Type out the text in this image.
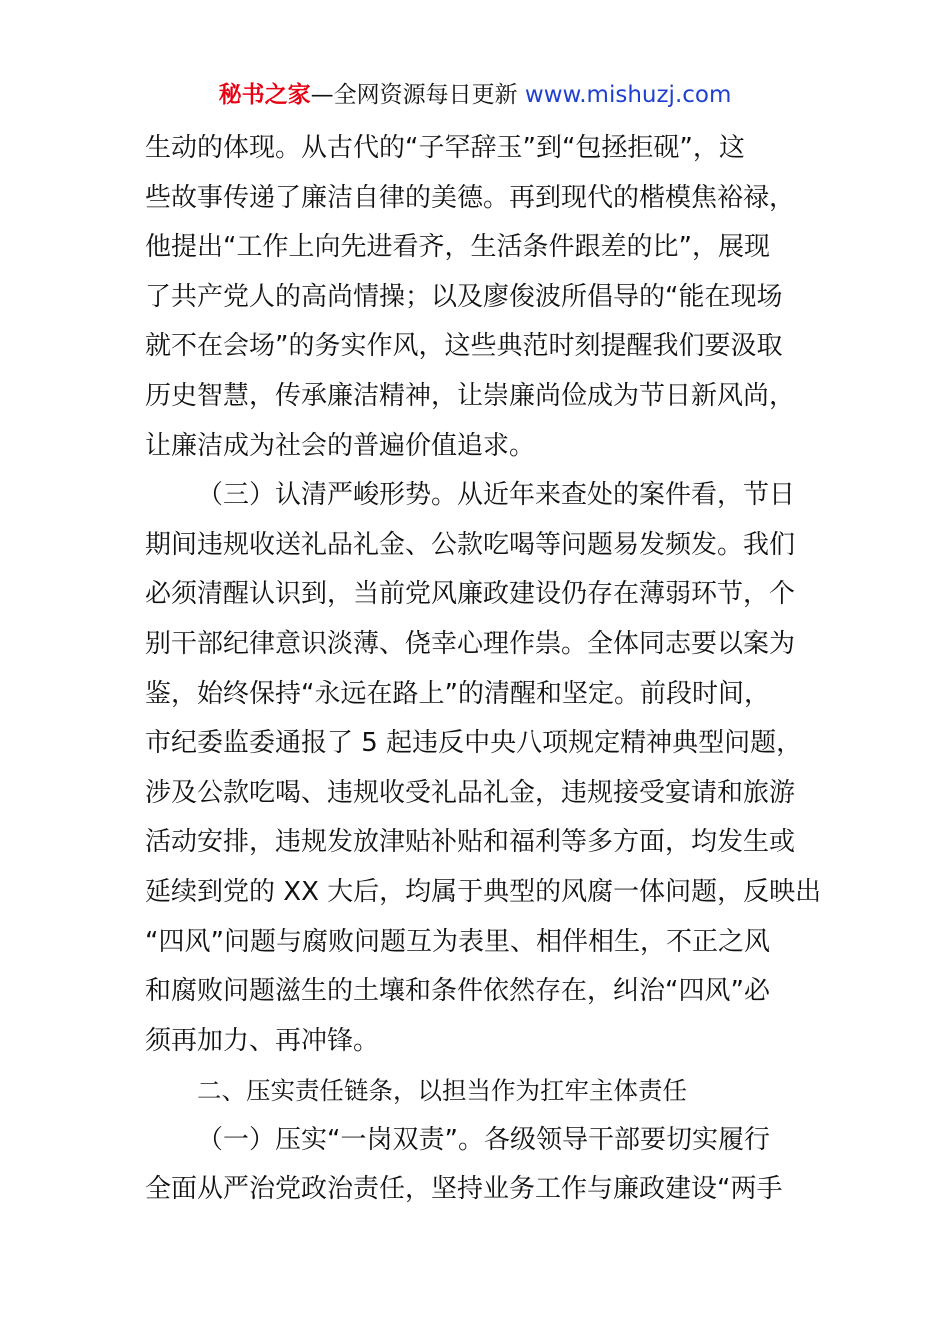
秘书之家—全网资源每日更新 www.mishuzj.com
生动的体现。从古代的“子罕辞玉”到“包拯拒砚”，这
些故事传递了廉洁自律的美德。再到现代的楷模焦裕禄，
他提出“工作上向先进看齐，生活条件跟差的比”，展现
了共产党人的高尚情操；以及廖俊波所倡导的“能在现场
就不在会场”的务实作风，这些典范时刻提醒我们要汲取
历史智慧，传承廉洁精神，让崇廉尚俭成为节日新风尚，
让廉洁成为社会的普遍价值追求。
（三）认清严峻形势。从近年来查处的案件看，节日
期间违规收送礼品礼金、公款吃喝等问题易发频发。我们
必须清醒认识到，当前党风廉政建设仍存在薄弱环节，个
别干部纪律意识淡薄、侥幸心理作祟。全体同志要以案为
鉴，始终保持“永远在路上”的清醒和坚定。前段时间，
市纪委监委通报了 5 起违反中央八项规定精神典型问题，
涉及公款吃喝、违规收受礼品礼金，违规接受宴请和旅游
活动安排，违规发放津贴补贴和福利等多方面，均发生或
延续到党的 XX 大后，均属于典型的风腐一体问题，反映出
“四风”问题与腐败问题互为表里、相伴相生，不正之风
和腐败问题滋生的土壤和条件依然存在，纠治“四风”必
须再加力、再冲锋。
二、压实责任链条，以担当作为扛牢主体责任
（一）压实“一岗双责”。各级领导干部要切实履行
全面从严治党政治责任，坚持业务工作与廉政建设“两手
